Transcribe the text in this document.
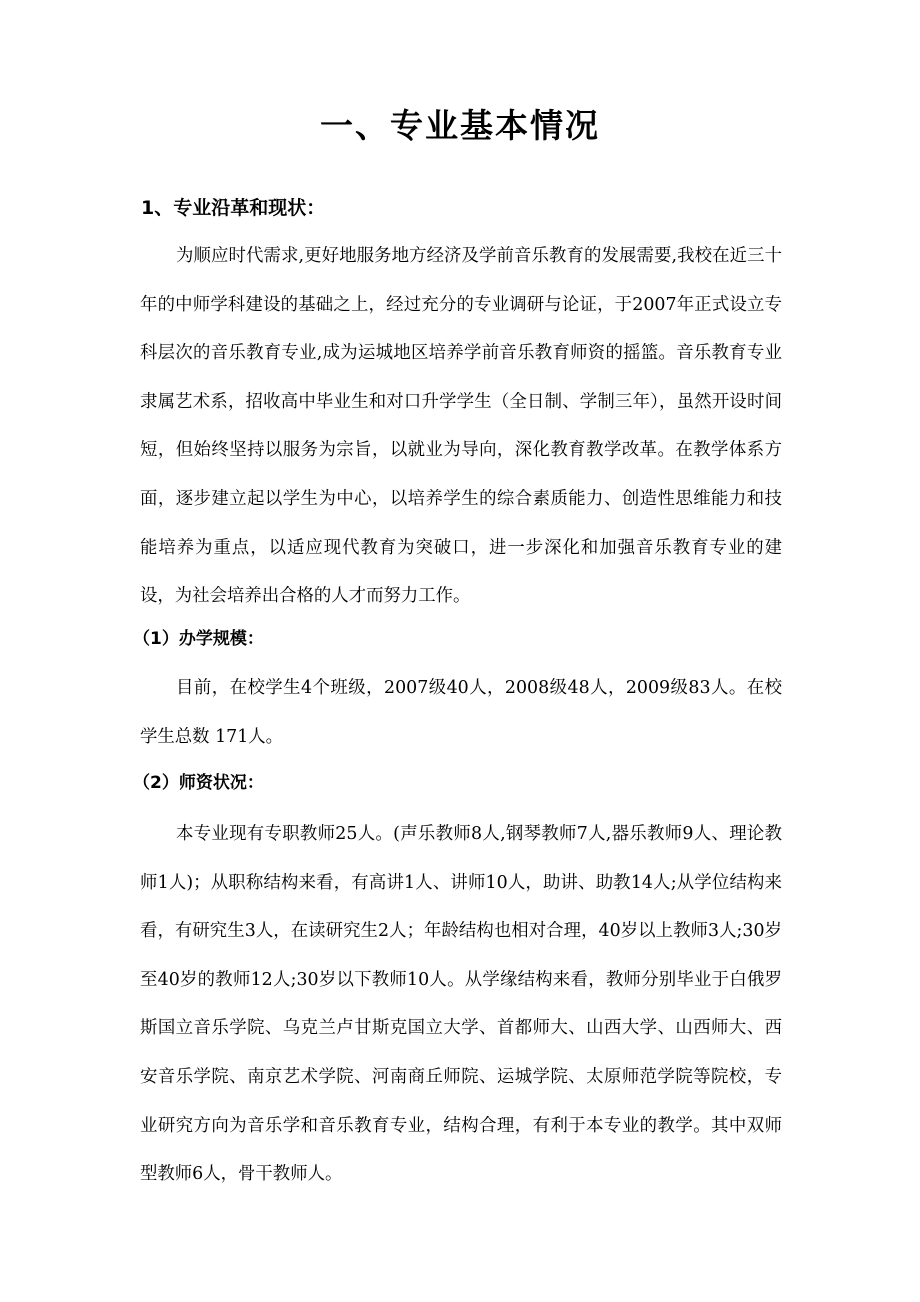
一、专业基本情况
1、专业沿革和现状：

为顺应时代需求,更好地服务地方经济及学前音乐教育的发展需要,我校在近三十年的中师学科建设的基础之上，经过充分的专业调研与论证，于2007年正式设立专科层次的音乐教育专业,成为运城地区培养学前音乐教育师资的摇篮。音乐教育专业隶属艺术系，招收高中毕业生和对口升学学生（全日制、学制三年），虽然开设时间短，但始终坚持以服务为宗旨，以就业为导向，深化教育教学改革。在教学体系方面，逐步建立起以学生为中心，以培养学生的综合素质能力、创造性思维能力和技能培养为重点，以适应现代教育为突破口，进一步深化和加强音乐教育专业的建设，为社会培养出合格的人才而努力工作。

（1）办学规模：

目前，在校学生4个班级，2007级40人，2008级48人，2009级83人。在校学生总数 171人。

（2）师资状况：

本专业现有专职教师25人。(声乐教师8人,钢琴教师7人,器乐教师9人、理论教师1人)；从职称结构来看，有高讲1人、讲师10人，助讲、助教14人;从学位结构来看，有研究生3人，在读研究生2人；年龄结构也相对合理，40岁以上教师3人;30岁至40岁的教师12人;30岁以下教师10人。从学缘结构来看，教师分别毕业于白俄罗斯国立音乐学院、乌克兰卢甘斯克国立大学、首都师大、山西大学、山西师大、西安音乐学院、南京艺术学院、河南商丘师院、运城学院、太原师范学院等院校，专业研究方向为音乐学和音乐教育专业，结构合理，有利于本专业的教学。其中双师型教师6人，骨干教师人。
